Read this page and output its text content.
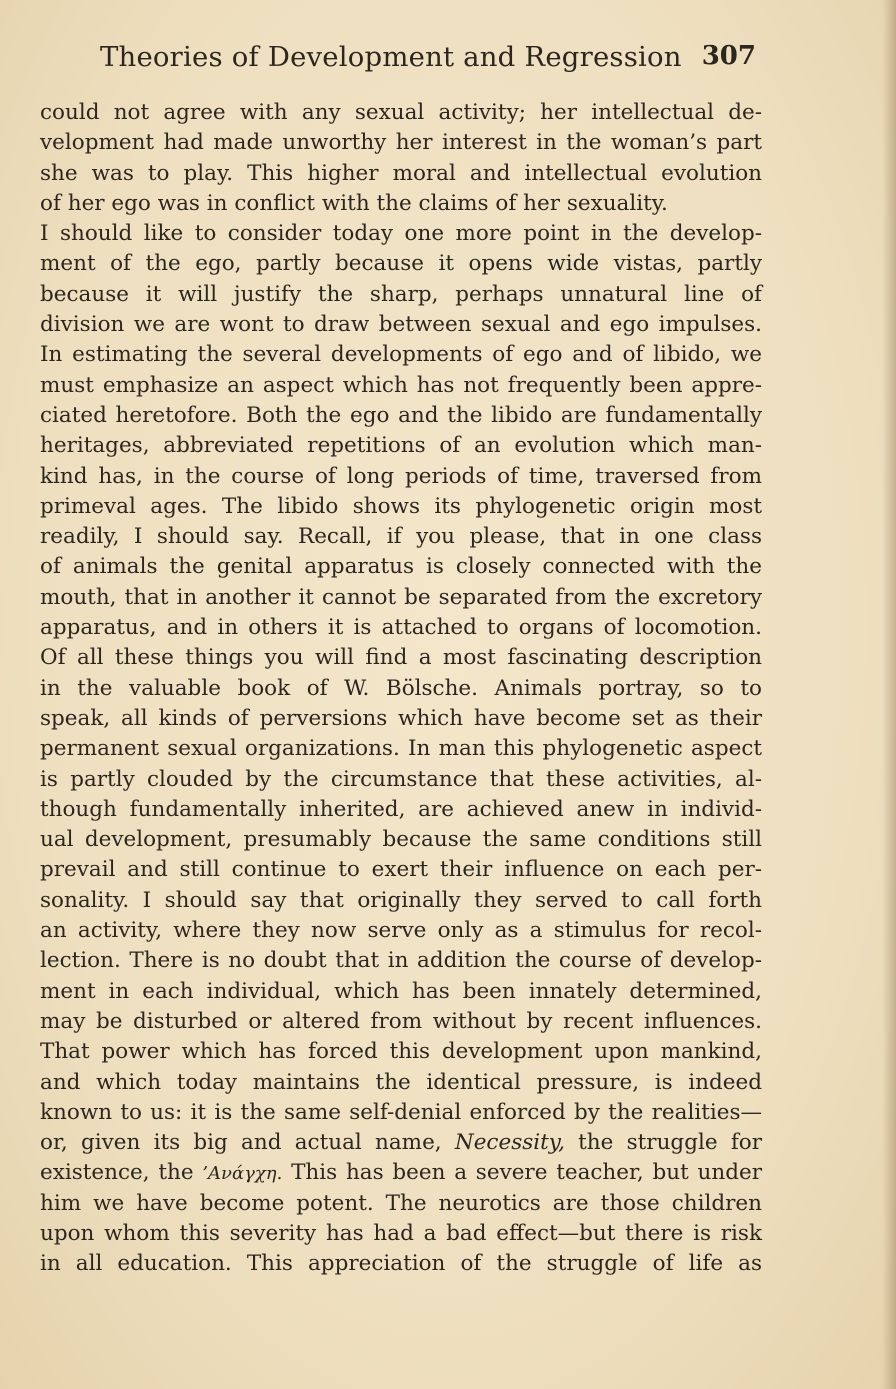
Theories of Development and Regression 307
could not agree with any sexual activity; her intellectual de-
velopment had made unworthy her interest in the woman’s part
she was to play. This higher moral and intellectual evolution
of her ego was in conflict with the claims of her sexuality.
I should like to consider today one more point in the develop-
ment of the ego, partly because it opens wide vistas, partly
because it will justify the sharp, perhaps unnatural line of
division we are wont to draw between sexual and ego impulses.
In estimating the several developments of ego and of libido, we
must emphasize an aspect which has not frequently been appre-
ciated heretofore. Both the ego and the libido are fundamentally
heritages, abbreviated repetitions of an evolution which man-
kind has, in the course of long periods of time, traversed from
primeval ages. The libido shows its phylogenetic origin most
readily, I should say. Recall, if you please, that in one class
of animals the genital apparatus is closely connected with the
mouth, that in another it cannot be separated from the excretory
apparatus, and in others it is attached to organs of locomotion.
Of all these things you will find a most fascinating description
in the valuable book of W. Bölsche. Animals portray, so to
speak, all kinds of perversions which have become set as their
permanent sexual organizations. In man this phylogenetic aspect
is partly clouded by the circumstance that these activities, al-
though fundamentally inherited, are achieved anew in individ-
ual development, presumably because the same conditions still
prevail and still continue to exert their influence on each per-
sonality. I should say that originally they served to call forth
an activity, where they now serve only as a stimulus for recol-
lection. There is no doubt that in addition the course of develop-
ment in each individual, which has been innately determined,
may be disturbed or altered from without by recent influences.
That power which has forced this development upon mankind,
and which today maintains the identical pressure, is indeed
known to us: it is the same self-denial enforced by the realities—
or, given its big and actual name, Necessity, the struggle for
existence, the ’Ανάγχη. This has been a severe teacher, but under
him we have become potent. The neurotics are those children
upon whom this severity has had a bad effect—but there is risk
in all education. This appreciation of the struggle of life as
